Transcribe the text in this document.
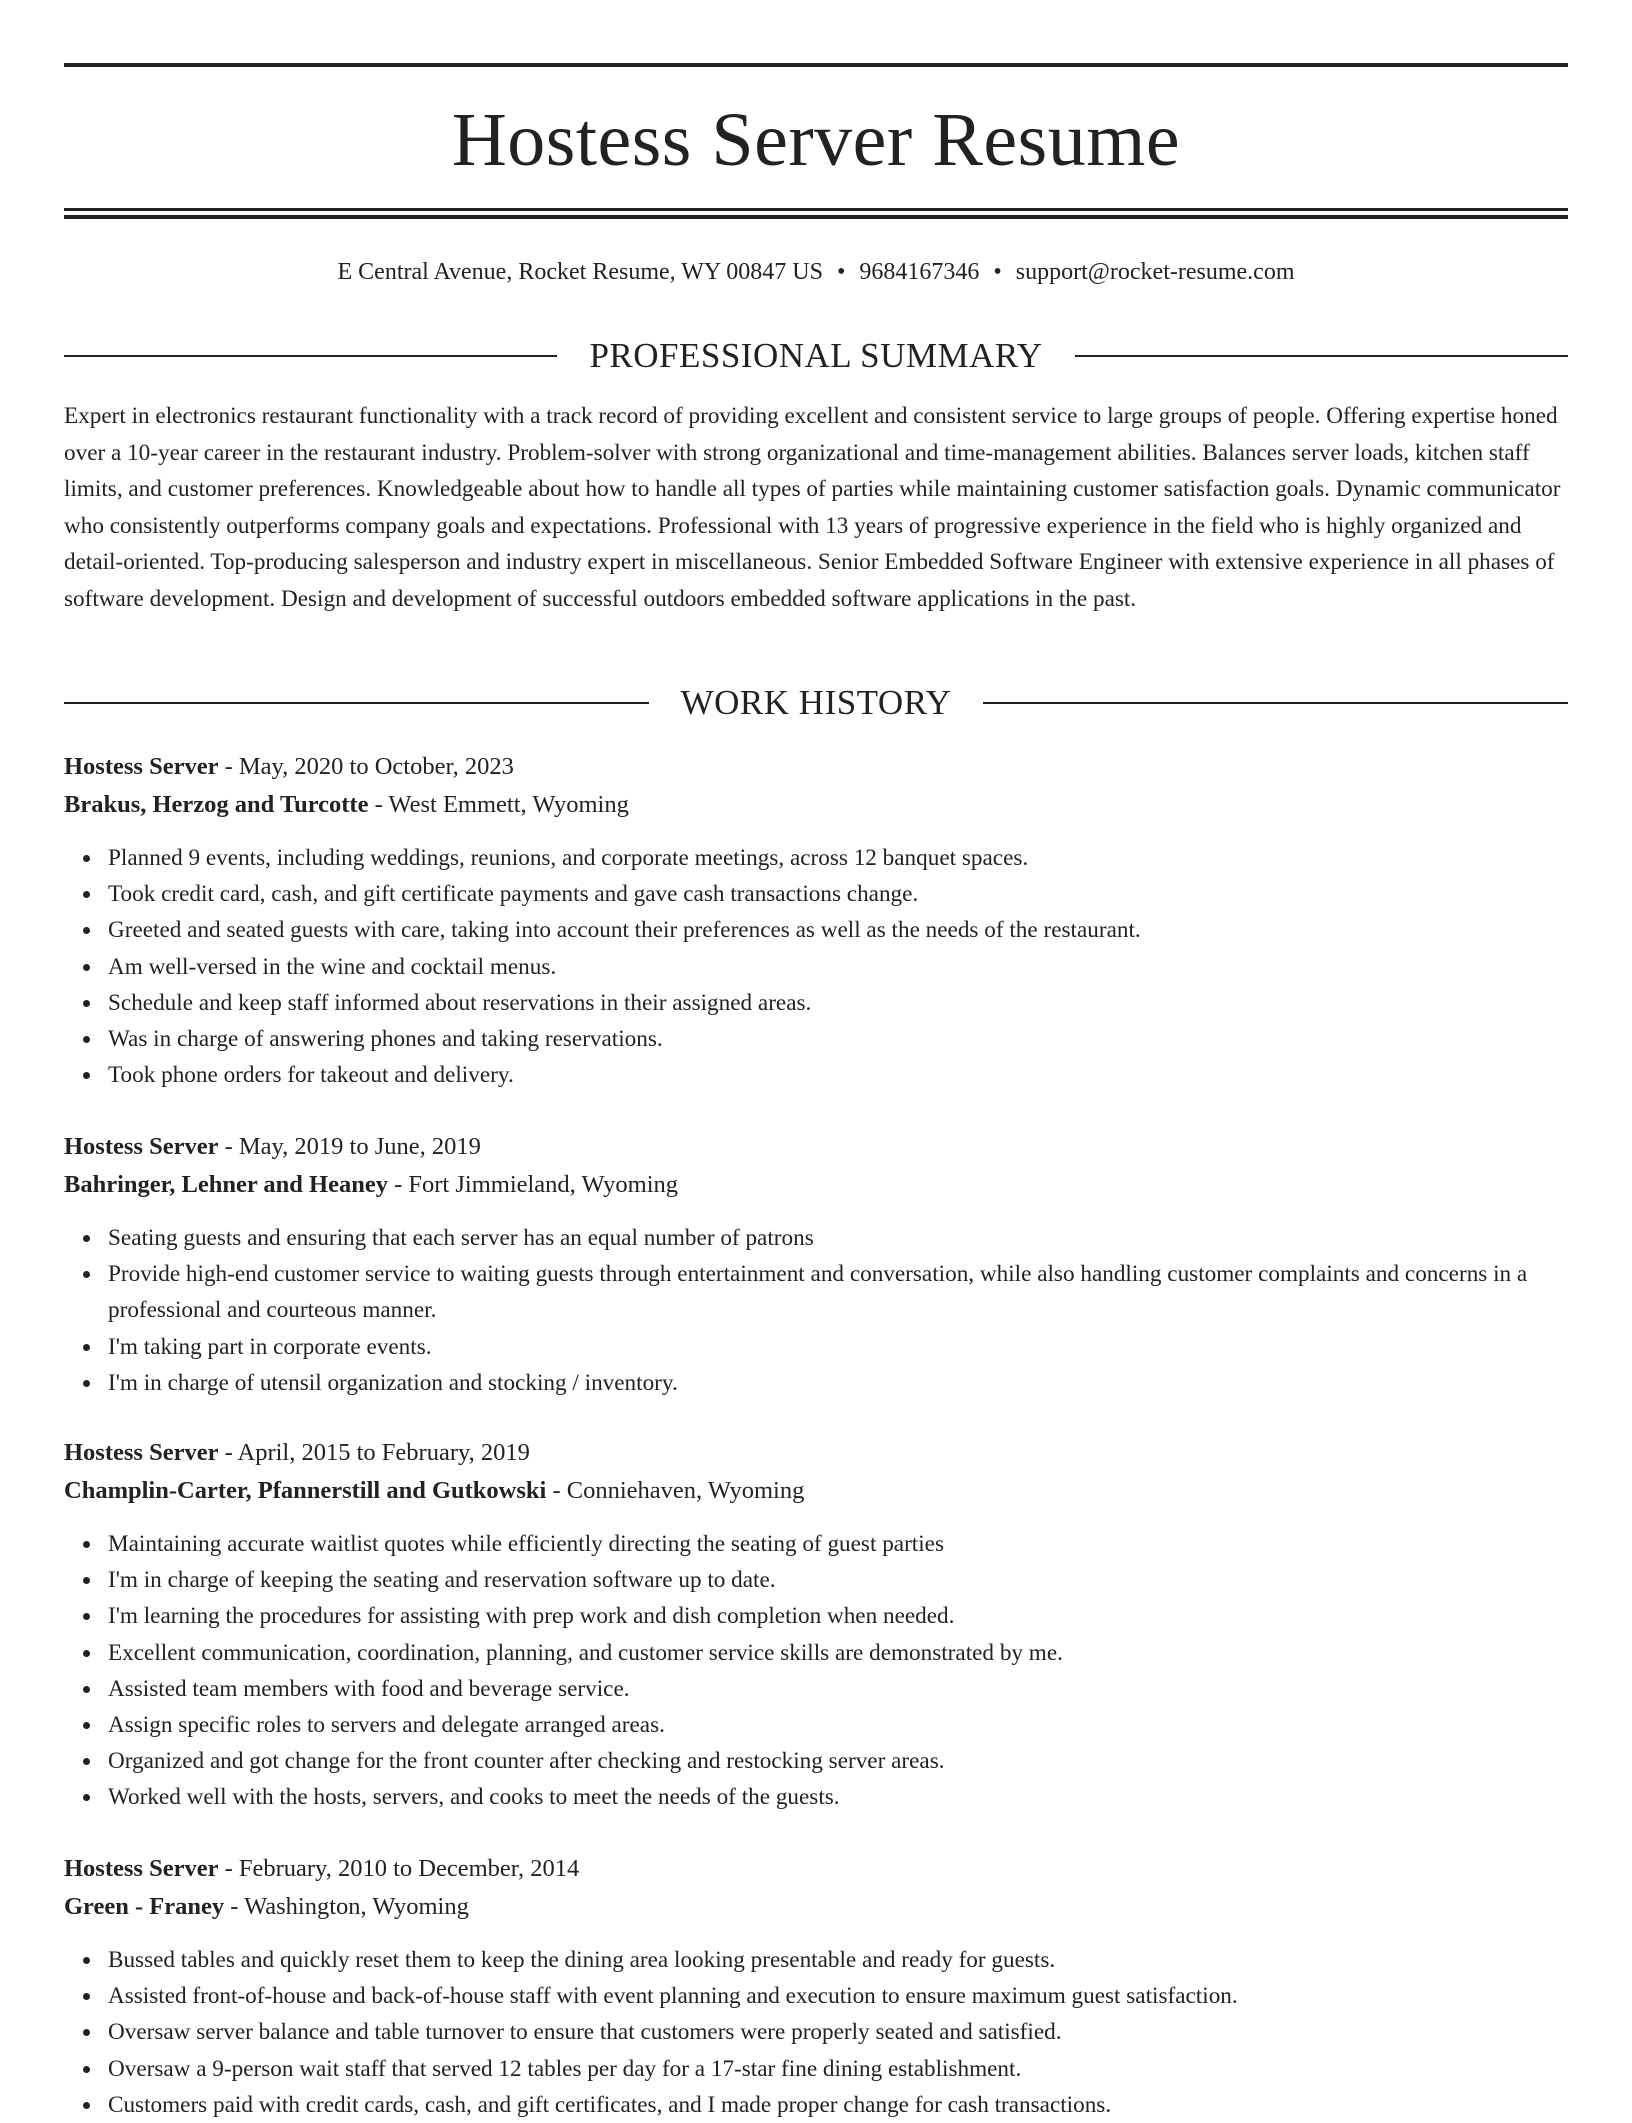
Hostess Server Resume
E Central Avenue, Rocket Resume, WY 00847 US • 9684167346 • support@rocket-resume.com
PROFESSIONAL SUMMARY

Expert in electronics restaurant functionality with a track record of providing excellent and consistent service to large groups of people. Offering expertise honed over a 10-year career in the restaurant industry. Problem-solver with strong organizational and time-management abilities. Balances server loads, kitchen staff limits, and customer preferences. Knowledgeable about how to handle all types of parties while maintaining customer satisfaction goals. Dynamic communicator who consistently outperforms company goals and expectations. Professional with 13 years of progressive experience in the field who is highly organized and detail-oriented. Top-producing salesperson and industry expert in miscellaneous. Senior Embedded Software Engineer with extensive experience in all phases of software development. Design and development of successful outdoors embedded software applications in the past.

WORK HISTORY
Hostess Server - May, 2020 to October, 2023
Brakus, Herzog and Turcotte - West Emmett, Wyoming
Planned 9 events, including weddings, reunions, and corporate meetings, across 12 banquet spaces.
Took credit card, cash, and gift certificate payments and gave cash transactions change.
Greeted and seated guests with care, taking into account their preferences as well as the needs of the restaurant.
Am well-versed in the wine and cocktail menus.
Schedule and keep staff informed about reservations in their assigned areas.
Was in charge of answering phones and taking reservations.
Took phone orders for takeout and delivery.
Hostess Server - May, 2019 to June, 2019
Bahringer, Lehner and Heaney - Fort Jimmieland, Wyoming
Seating guests and ensuring that each server has an equal number of patrons
Provide high-end customer service to waiting guests through entertainment and conversation, while also handling customer complaints and concerns in a professional and courteous manner.
I'm taking part in corporate events.
I'm in charge of utensil organization and stocking / inventory.
Hostess Server - April, 2015 to February, 2019
Champlin-Carter, Pfannerstill and Gutkowski - Conniehaven, Wyoming
Maintaining accurate waitlist quotes while efficiently directing the seating of guest parties
I'm in charge of keeping the seating and reservation software up to date.
I'm learning the procedures for assisting with prep work and dish completion when needed.
Excellent communication, coordination, planning, and customer service skills are demonstrated by me.
Assisted team members with food and beverage service.
Assign specific roles to servers and delegate arranged areas.
Organized and got change for the front counter after checking and restocking server areas.
Worked well with the hosts, servers, and cooks to meet the needs of the guests.
Hostess Server - February, 2010 to December, 2014
Green - Franey - Washington, Wyoming
Bussed tables and quickly reset them to keep the dining area looking presentable and ready for guests.
Assisted front-of-house and back-of-house staff with event planning and execution to ensure maximum guest satisfaction.
Oversaw server balance and table turnover to ensure that customers were properly seated and satisfied.
Oversaw a 9-person wait staff that served 12 tables per day for a 17-star fine dining establishment.
Customers paid with credit cards, cash, and gift certificates, and I made proper change for cash transactions.
